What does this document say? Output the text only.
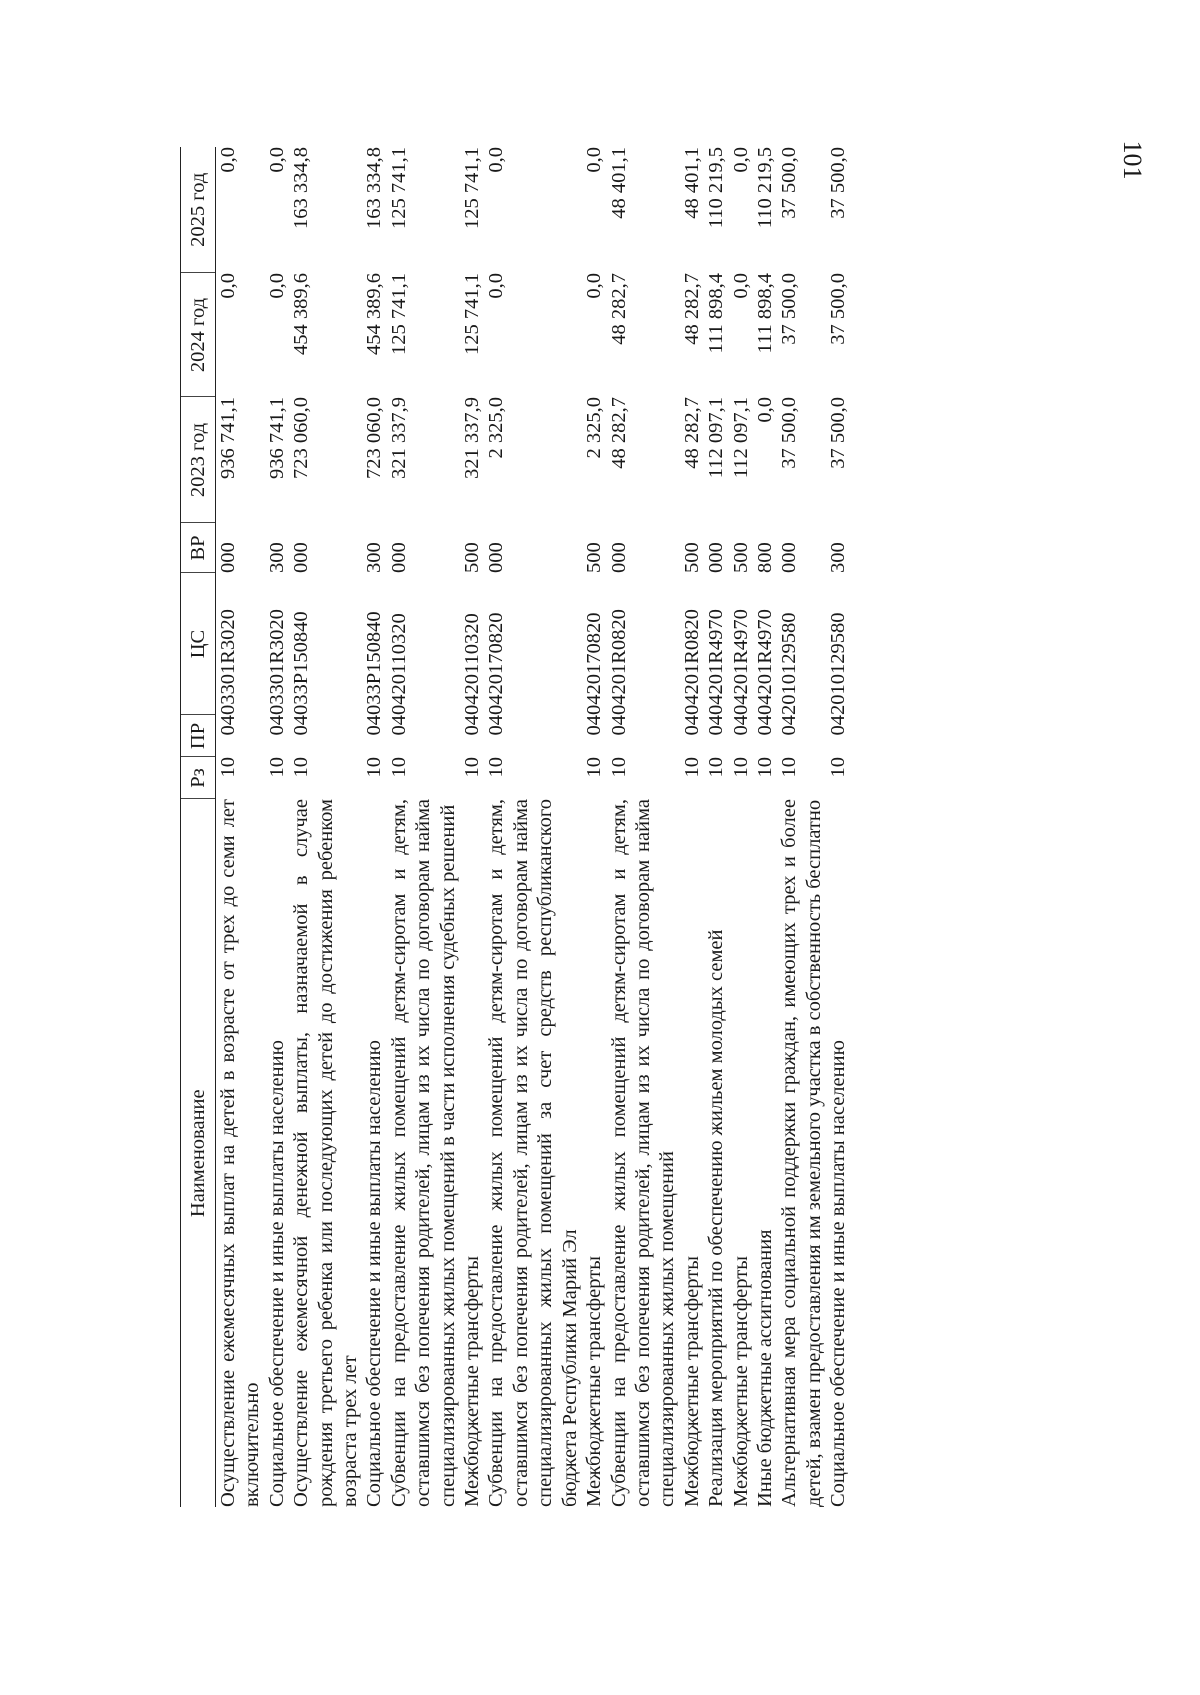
101
Наименование	Рз	ПР	ЦС	ВР	2023 год	2024 год	2025 год
Осуществление ежемесячных выплат на детей в возрасте от трех до семи лет включительно	10	04	03301R3020	000	936 741,1	0,0	0,0
Социальное обеспечение и иные выплаты населению	10	04	03301R3020	300	936 741,1	0,0	0,0
Осуществление ежемесячной денежной выплаты, назначаемой в случае рождения третьего ребенка или последующих детей до достижения ребенком возраста трех лет	10	04	033P150840	000	723 060,0	454 389,6	163 334,8
Социальное обеспечение и иные выплаты населению	10	04	033P150840	300	723 060,0	454 389,6	163 334,8
Субвенции на предоставление жилых помещений детям-сиротам и детям, оставшимся без попечения родителей, лицам из их числа по договорам найма специализированных жилых помещений в части исполнения судебных решений	10	04	0420110320	000	321 337,9	125 741,1	125 741,1
Межбюджетные трансферты	10	04	0420110320	500	321 337,9	125 741,1	125 741,1
Субвенции на предоставление жилых помещений детям-сиротам и детям, оставшимся без попечения родителей, лицам из их числа по договорам найма специализированных жилых помещений за счет средств республиканского бюджета Республики Марий Эл	10	04	0420170820	000	2 325,0	0,0	0,0
Межбюджетные трансферты	10	04	0420170820	500	2 325,0	0,0	0,0
Субвенции на предоставление жилых помещений детям-сиротам и детям, оставшимся без попечения родителей, лицам из их числа по договорам найма специализированных жилых помещений	10	04	04201R0820	000	48 282,7	48 282,7	48 401,1
Межбюджетные трансферты	10	04	04201R0820	500	48 282,7	48 282,7	48 401,1
Реализация мероприятий по обеспечению жильем молодых семей	10	04	04201R4970	000	112 097,1	111 898,4	110 219,5
Межбюджетные трансферты	10	04	04201R4970	500	112 097,1	0,0	0,0
Иные бюджетные ассигнования	10	04	04201R4970	800	0,0	111 898,4	110 219,5
Альтернативная мера социальной поддержки граждан, имеющих трех и более детей, взамен предоставления им земельного участка в собственность бесплатно	10	04	2010129580	000	37 500,0	37 500,0	37 500,0
Социальное обеспечение и иные выплаты населению	10	04	2010129580	300	37 500,0	37 500,0	37 500,0
